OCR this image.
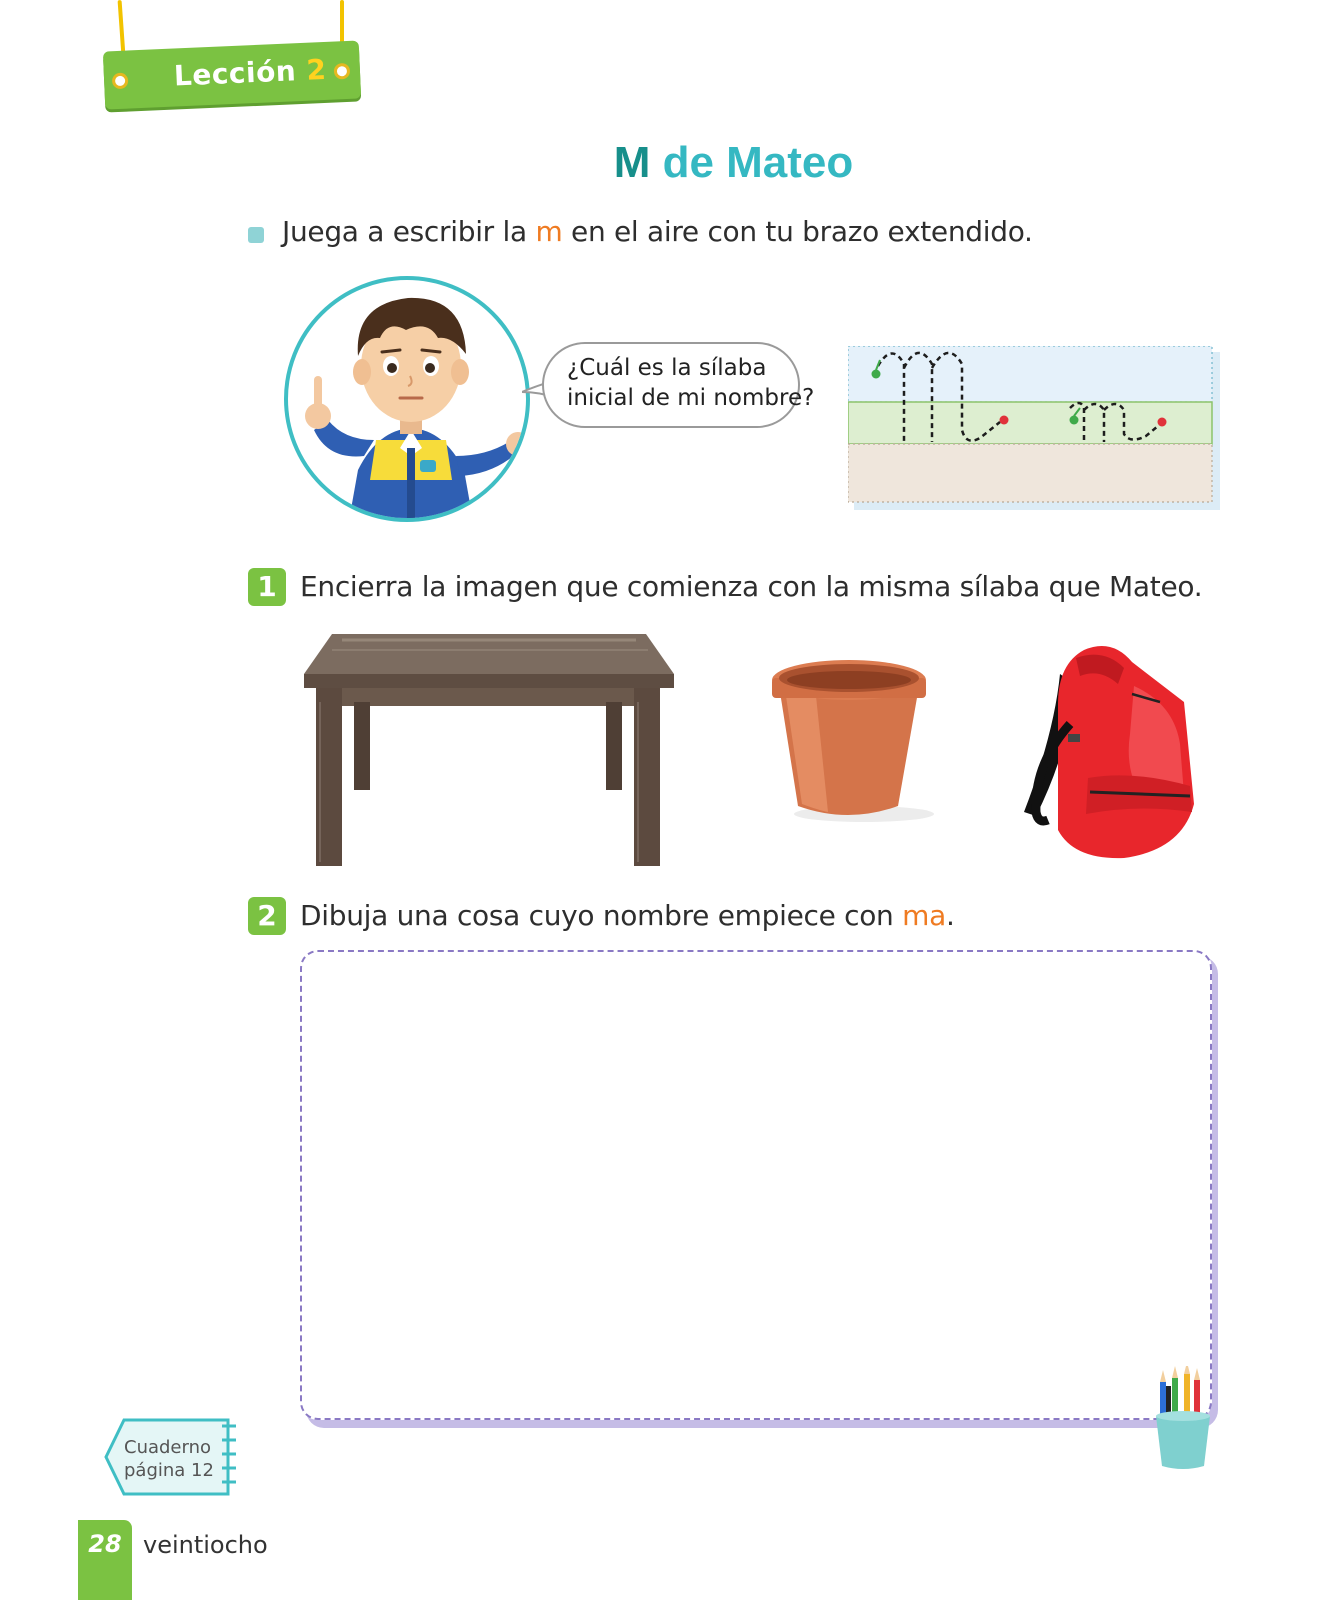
Lección 2
M de Mateo
Juega a escribir la m en el aire con tu brazo extendido.
¿Cuál es la sílaba
inicial de mi nombre?
1 Encierra la imagen que comienza con la misma sílaba que Mateo.
2 Dibuja una cosa cuyo nombre empiece con ma.
Cuaderno
página 12
28 veintiocho
